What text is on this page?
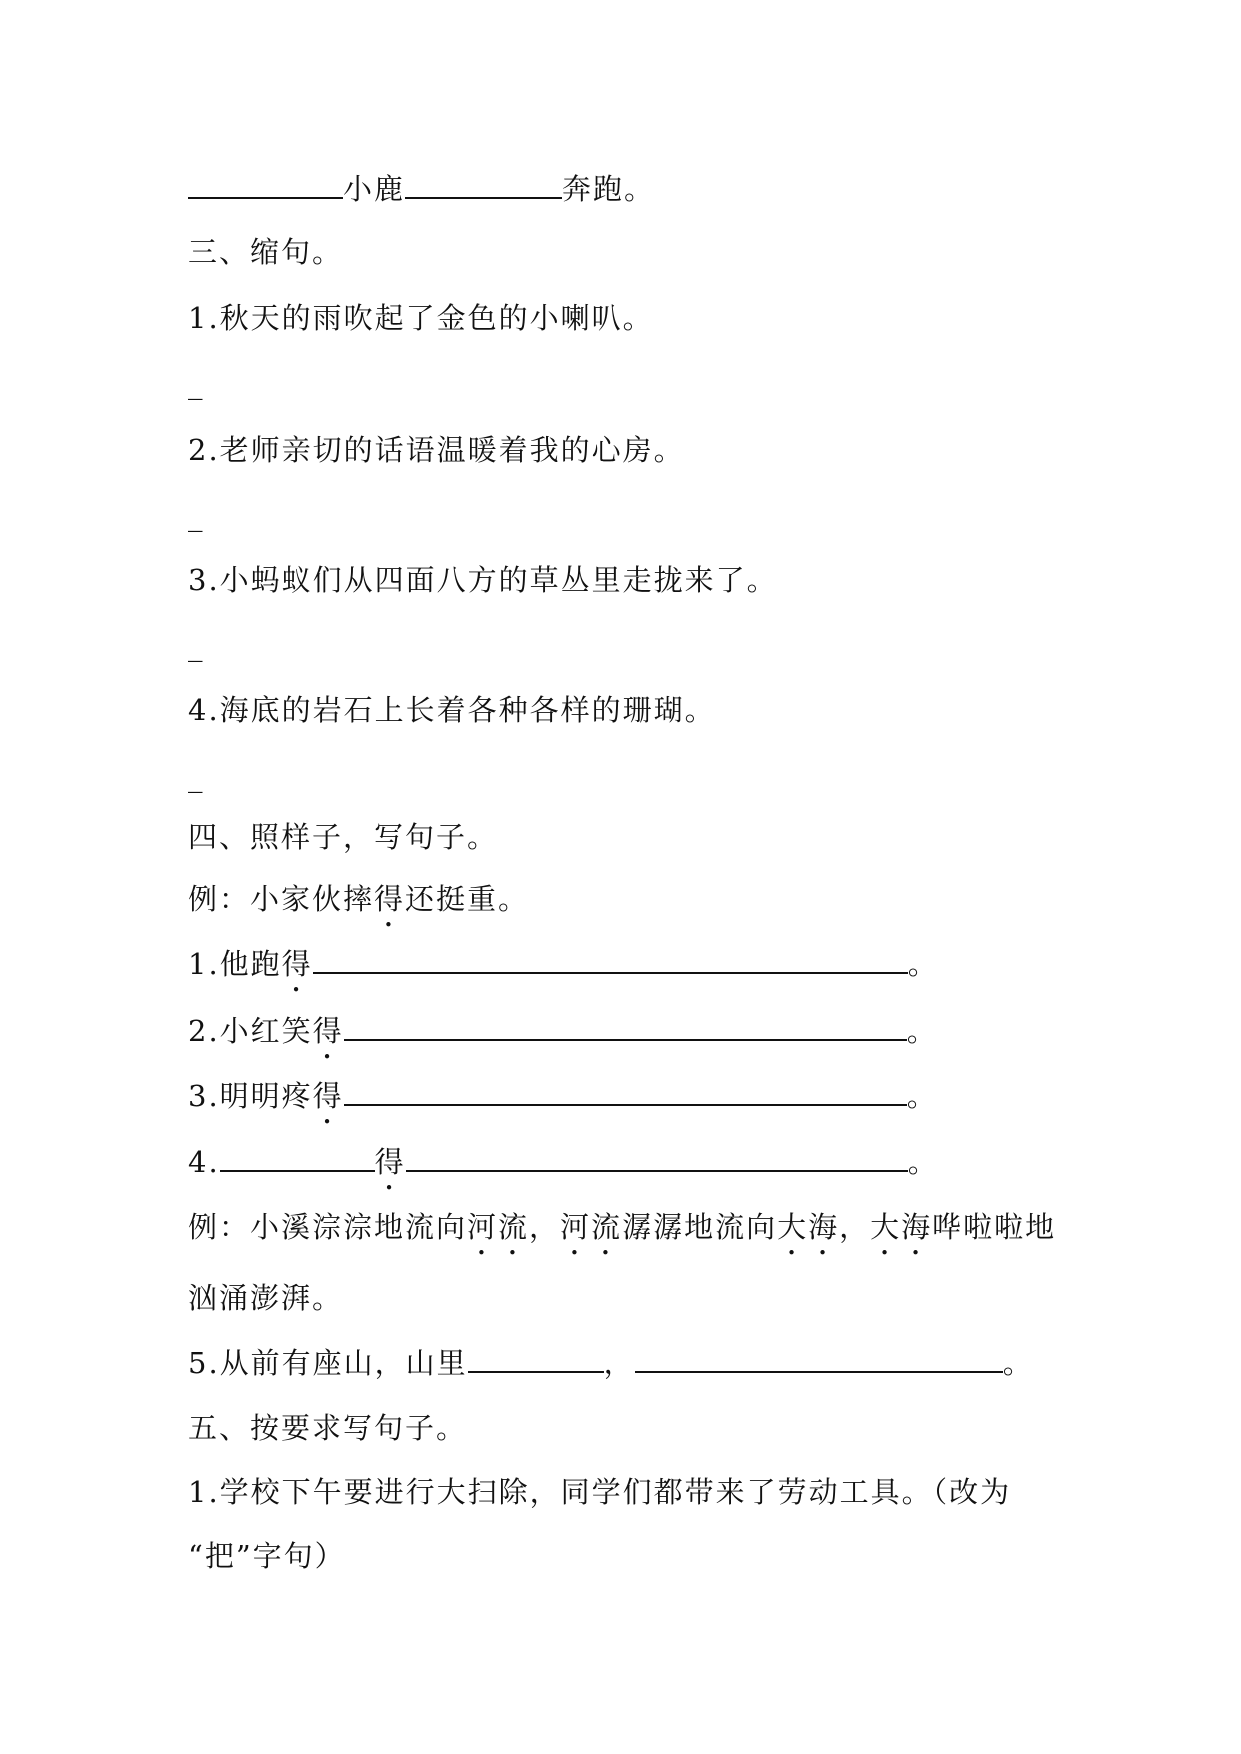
小鹿	奔跑。
三、缩句。
1.秋天的雨吹起了金色的小喇叭。
_
2.老师亲切的话语温暖着我的心房。
_
3.小蚂蚁们从四面八方的草丛里走拢来了。
_
4.海底的岩石上长着各种各样的珊瑚。
_
四、照样子，写句子。
例：小家伙摔得还挺重。
1.他跑得	。
2.小红笑得	。
3.明明疼得	。
4.	得	。
例：小溪淙淙地流向河流，河流潺潺地流向大海，大海哗啦啦地
汹涌澎湃。
5.从前有座山，山里	，	。
五、按要求写句子。
1.学校下午要进行大扫除，同学们都带来了劳动工具。（改为
“把”字句）
